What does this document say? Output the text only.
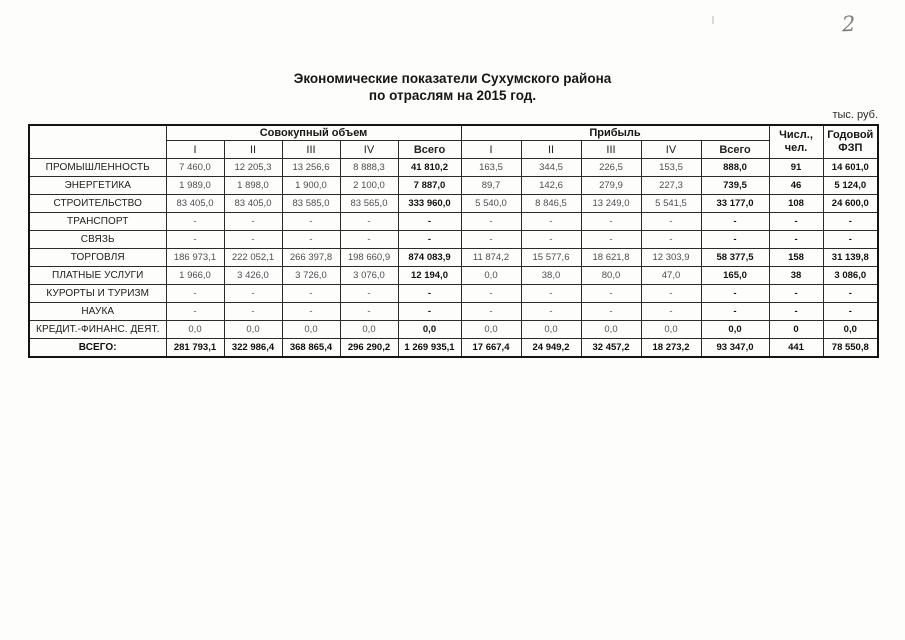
2
Экономические показатели Сухумского района
по отраслям на 2015 год.
тыс. руб.
	Совокупный объем					Прибыль					Числ.,
чел.	Годовой
ФЗП
	I	II	III	IV	Всего	I	II	III	IV	Всего		
ПРОМЫШЛЕННОСТЬ	7 460,0	12 205,3	13 256,6	8 888,3	41 810,2	163,5	344,5	226,5	153,5	888,0	91	14 601,0
ЭНЕРГЕТИКА	1 989,0	1 898,0	1 900,0	2 100,0	7 887,0	89,7	142,6	279,9	227,3	739,5	46	5 124,0
СТРОИТЕЛЬСТВО	83 405,0	83 405,0	83 585,0	83 565,0	333 960,0	5 540,0	8 846,5	13 249,0	5 541,5	33 177,0	108	24 600,0
ТРАНСПОРТ	-	-	-	-	-	-	-	-	-	-	-	-
СВЯЗЬ	-	-	-	-	-	-	-	-	-	-	-	-
ТОРГОВЛЯ	186 973,1	222 052,1	266 397,8	198 660,9	874 083,9	11 874,2	15 577,6	18 621,8	12 303,9	58 377,5	158	31 139,8
ПЛАТНЫЕ УСЛУГИ	1 966,0	3 426,0	3 726,0	3 076,0	12 194,0	0,0	38,0	80,0	47,0	165,0	38	3 086,0
КУРОРТЫ И ТУРИЗМ	-	-	-	-	-	-	-	-	-	-	-	-
НАУКА	-	-	-	-	-	-	-	-	-	-	-	-
КРЕДИТ.-ФИНАНС. ДЕЯТ.	0,0	0,0	0,0	0,0	0,0	0,0	0,0	0,0	0,0	0,0	0	0,0
ВСЕГО:	281 793,1	322 986,4	368 865,4	296 290,2	1 269 935,1	17 667,4	24 949,2	32 457,2	18 273,2	93 347,0	441	78 550,8
